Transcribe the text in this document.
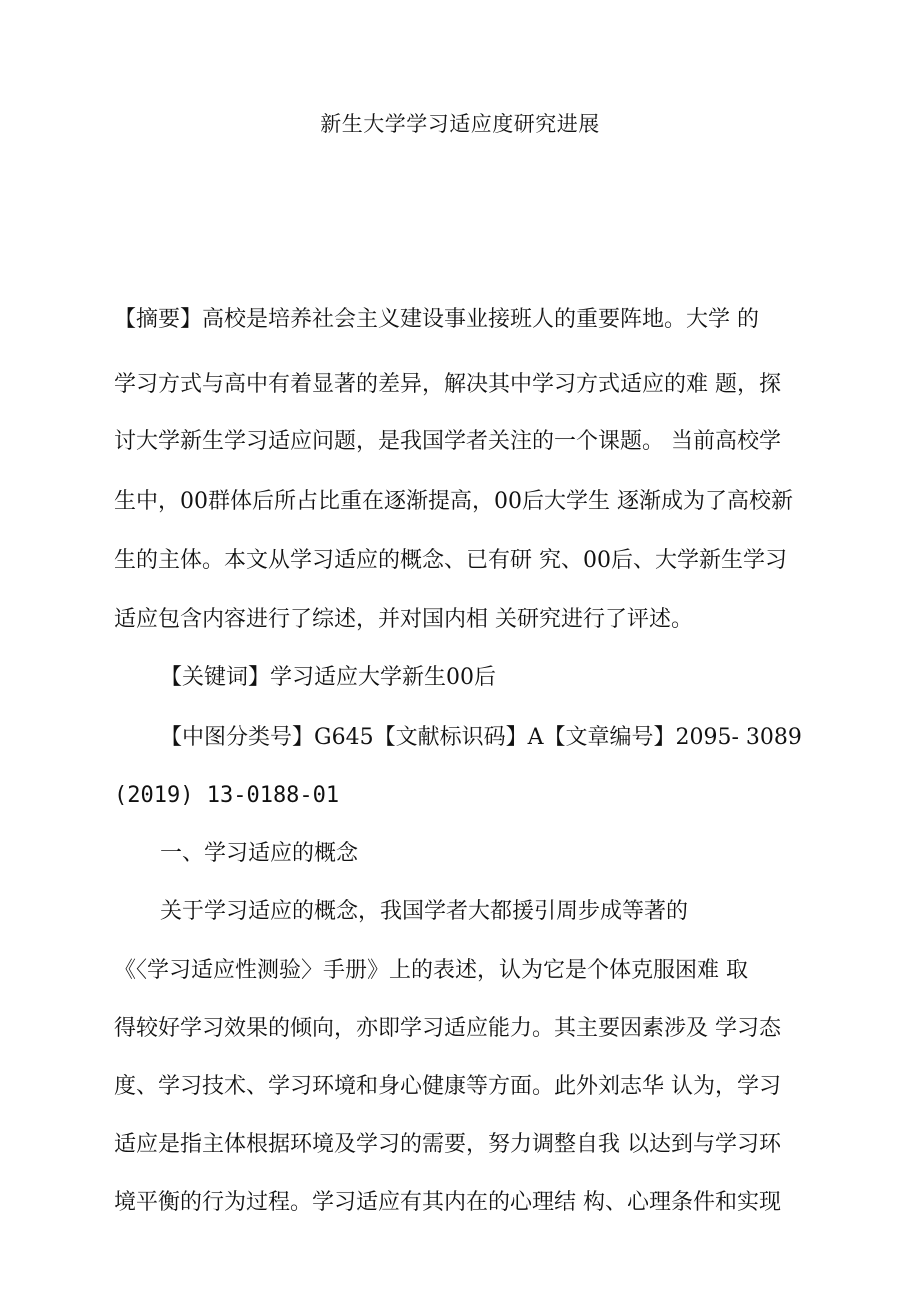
新生大学学习适应度研究进展
【摘要】高校是培养社会主义建设事业接班人的重要阵地。大学 的
学习方式与高中有着显著的差异，解决其中学习方式适应的难 题，探
讨大学新生学习适应问题，是我国学者关注的一个课题。 当前高校学
生中，00群体后所占比重在逐渐提高，00后大学生 逐渐成为了高校新
生的主体。本文从学习适应的概念、已有研 究、00后、大学新生学习
适应包含内容进行了综述，并对国内相 关研究进行了评述。
【关键词】学习适应大学新生00后
【中图分类号】G645【文献标识码】A【文章编号】2095- 3089
(2019) 13-0188-01
一、学习适应的概念
关于学习适应的概念，我国学者大都援引周步成等著的
《〈学习适应性测验〉手册》上的表述，认为它是个体克服困难 取
得较好学习效果的倾向，亦即学习适应能力。其主要因素涉及 学习态
度、学习技术、学习环境和身心健康等方面。此外刘志华 认为，学习
适应是指主体根据环境及学习的需要，努力调整自我 以达到与学习环
境平衡的行为过程。学习适应有其内在的心理结 构、心理条件和实现
